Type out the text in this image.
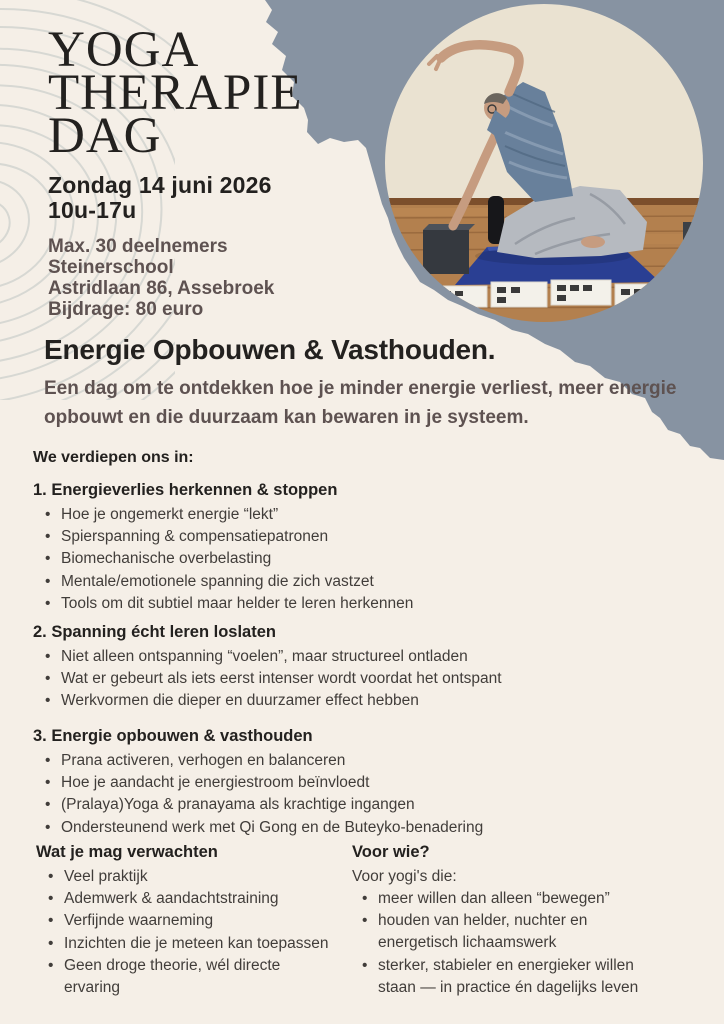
YOGA
THERAPIE
DAG
Zondag 14 juni 2026
10u-17u
Max. 30 deelnemers
Steinerschool
Astridlaan 86, Assebroek
Bijdrage: 80 euro
Energie Opbouwen & Vasthouden.
Een dag om te ontdekken hoe je minder energie verliest, meer energie opbouwt en die duurzaam kan bewaren in je systeem.
We verdiepen ons in:
1. Energieverlies herkennen & stoppen
• Hoe je ongemerkt energie “lekt”
• Spierspanning & compensatiepatronen
• Biomechanische overbelasting
• Mentale/emotionele spanning die zich vastzet
• Tools om dit subtiel maar helder te leren herkennen
2. Spanning écht leren loslaten
• Niet alleen ontspanning “voelen”, maar structureel ontladen
• Wat er gebeurt als iets eerst intenser wordt voordat het ontspant
• Werkvormen die dieper en duurzamer effect hebben
3. Energie opbouwen & vasthouden
• Prana activeren, verhogen en balanceren
• Hoe je aandacht je energiestroom beïnvloedt
• (Pralaya)Yoga & pranayama als krachtige ingangen
• Ondersteunend werk met Qi Gong en de Buteyko-benadering
Wat je mag verwachten
• Veel praktijk
• Ademwerk & aandachtstraining
• Verfijnde waarneming
• Inzichten die je meteen kan toepassen
• Geen droge theorie, wél directe ervaring
Voor wie?

Voor yogi's die:

• meer willen dan alleen “bewegen”
• houden van helder, nuchter en energetisch lichaamswerk
• sterker, stabieler en energieker willen staan — in practice én dagelijks leven
